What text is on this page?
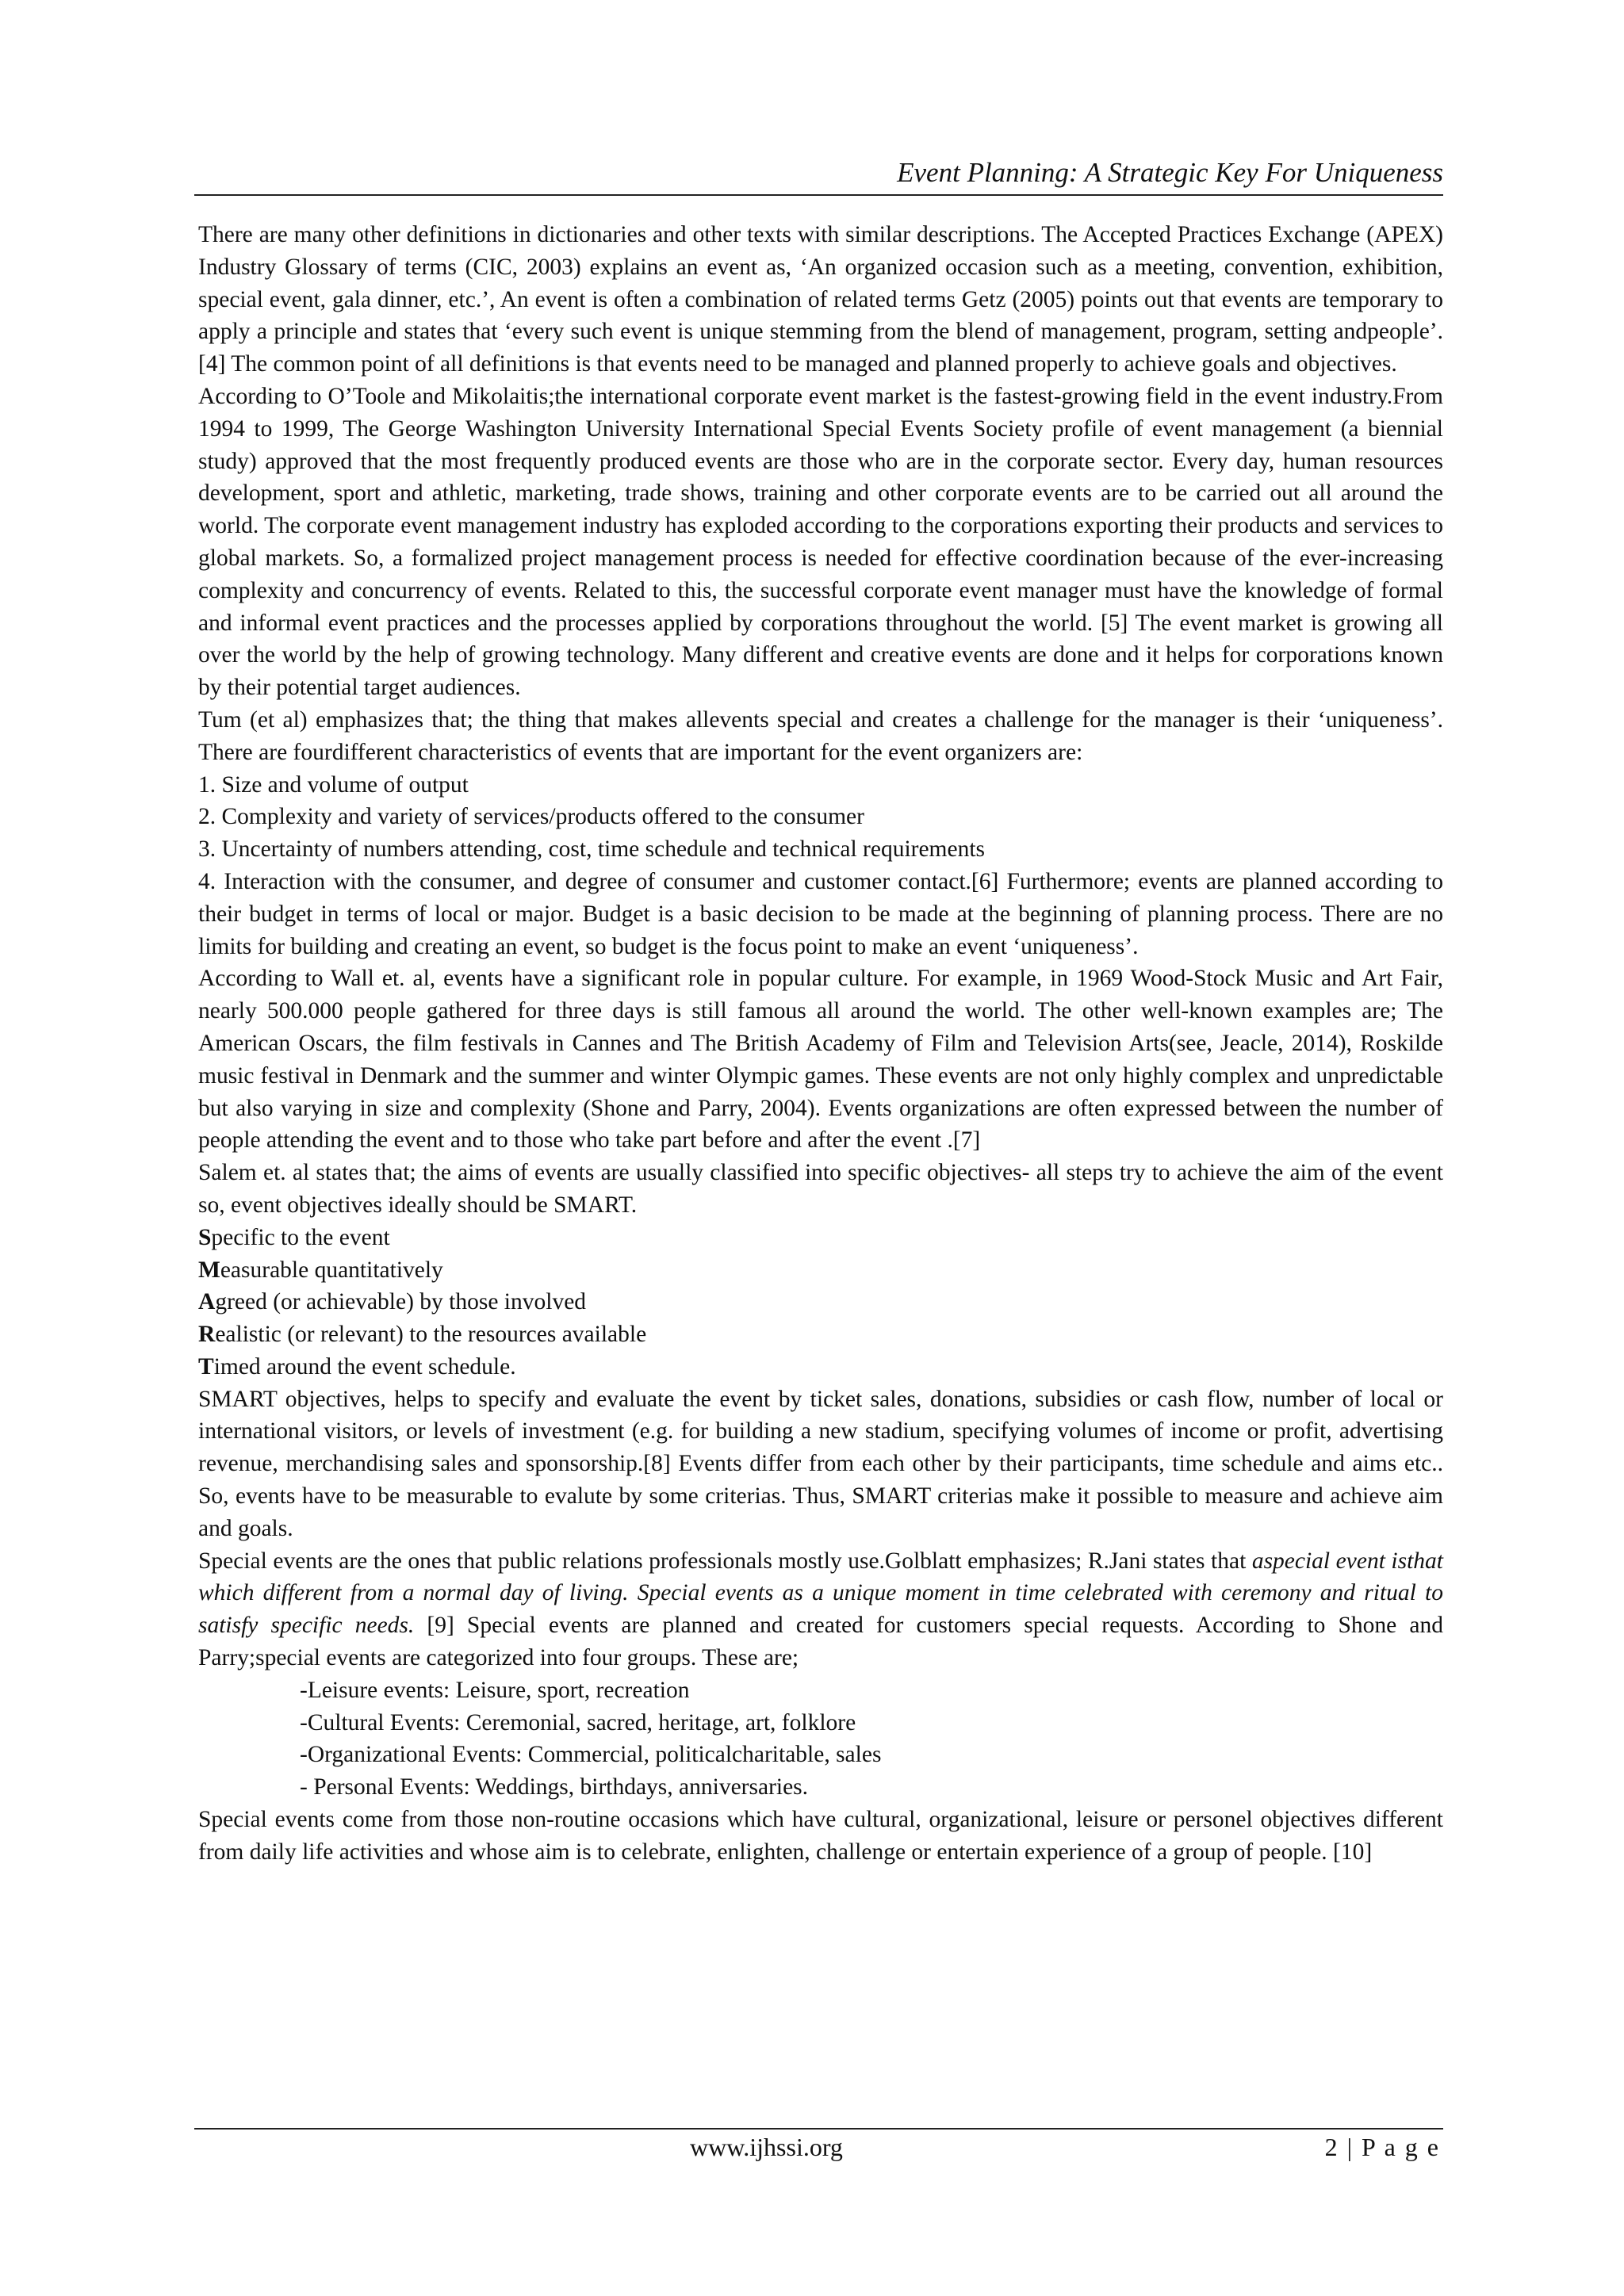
Event Planning: A Strategic Key For Uniqueness

There are many other definitions in dictionaries and other texts with similar descriptions. The Accepted Practices Exchange (APEX) Industry Glossary of terms (CIC, 2003) explains an event as, ‘An organized occasion such as a meeting, convention, exhibition, special event, gala dinner, etc.’, An event is often a combination of related terms Getz (2005) points out that events are temporary to apply a principle and states that ‘every such event is unique stemming from the blend of management, program, setting andpeople’.[4] The common point of all definitions is that events need to be managed and planned properly to achieve goals and objectives.

According to O’Toole and Mikolaitis;the international corporate event market is the fastest-growing field in the event industry.From 1994 to 1999, The George Washington University International Special Events Society profile of event management (a biennial study) approved that the most frequently produced events are those who are in the corporate sector. Every day, human resources development, sport and athletic, marketing, trade shows, training and other corporate events are to be carried out all around the world. The corporate event management industry has exploded according to the corporations exporting their products and services to global markets. So, a formalized project management process is needed for effective coordination because of the ever-increasing complexity and concurrency of events. Related to this, the successful corporate event manager must have the knowledge of formal and informal event practices and the processes applied by corporations throughout the world. [5] The event market is growing all over the world by the help of growing technology. Many different and creative events are done and it helps for corporations known by their potential target audiences.

Tum (et al) emphasizes that; the thing that makes allevents special and creates a challenge for the manager is their ‘uniqueness’. There are fourdifferent characteristics of events that are important for the event organizers are:

1. Size and volume of output

2. Complexity and variety of services/products offered to the consumer

3. Uncertainty of numbers attending, cost, time schedule and technical requirements

4. Interaction with the consumer, and degree of consumer and customer contact.[6] Furthermore; events are planned according to their budget in terms of local or major. Budget is a basic decision to be made at the beginning of planning process. There are no limits for building and creating an event, so budget is the focus point to make an event ‘uniqueness’.

According to Wall et. al, events have a significant role in popular culture. For example, in 1969 Wood-Stock Music and Art Fair, nearly 500.000 people gathered for three days is still famous all around the world. The other well-known examples are; The American Oscars, the film festivals in Cannes and The British Academy of Film and Television Arts(see, Jeacle, 2014), Roskilde music festival in Denmark and the summer and winter Olympic games. These events are not only highly complex and unpredictable but also varying in size and complexity (Shone and Parry, 2004). Events organizations are often expressed between the number of people attending the event and to those who take part before and after the event .[7]

Salem et. al states that; the aims of events are usually classified into specific objectives- all steps try to achieve the aim of the event so, event objectives ideally should be SMART.

Specific to the event

Measurable quantitatively

Agreed (or achievable) by those involved

Realistic (or relevant) to the resources available

Timed around the event schedule.

SMART objectives, helps to specify and evaluate the event by ticket sales, donations, subsidies or cash flow, number of local or international visitors, or levels of investment (e.g. for building a new stadium, specifying volumes of income or profit, advertising revenue, merchandising sales and sponsorship.[8] Events differ from each other by their participants, time schedule and aims etc.. So, events have to be measurable to evalute by some criterias. Thus, SMART criterias make it possible to measure and achieve aim and goals.

Special events are the ones that public relations professionals mostly use.Golblatt emphasizes; R.Jani states that aspecial event isthat which different from a normal day of living. Special events as a unique moment in time celebrated with ceremony and ritual to satisfy specific needs. [9] Special events are planned and created for customers special requests. According to Shone and Parry;special events are categorized into four groups. These are;

-Leisure events: Leisure, sport, recreation

-Cultural Events: Ceremonial, sacred, heritage, art, folklore

-Organizational Events: Commercial, politicalcharitable, sales

- Personal Events: Weddings, birthdays, anniversaries.

Special events come from those non-routine occasions which have cultural, organizational, leisure or personel objectives different from daily life activities and whose aim is to celebrate, enlighten, challenge or entertain experience of a group of people. [10]

www.ijhssi.org	2 | P a g e
